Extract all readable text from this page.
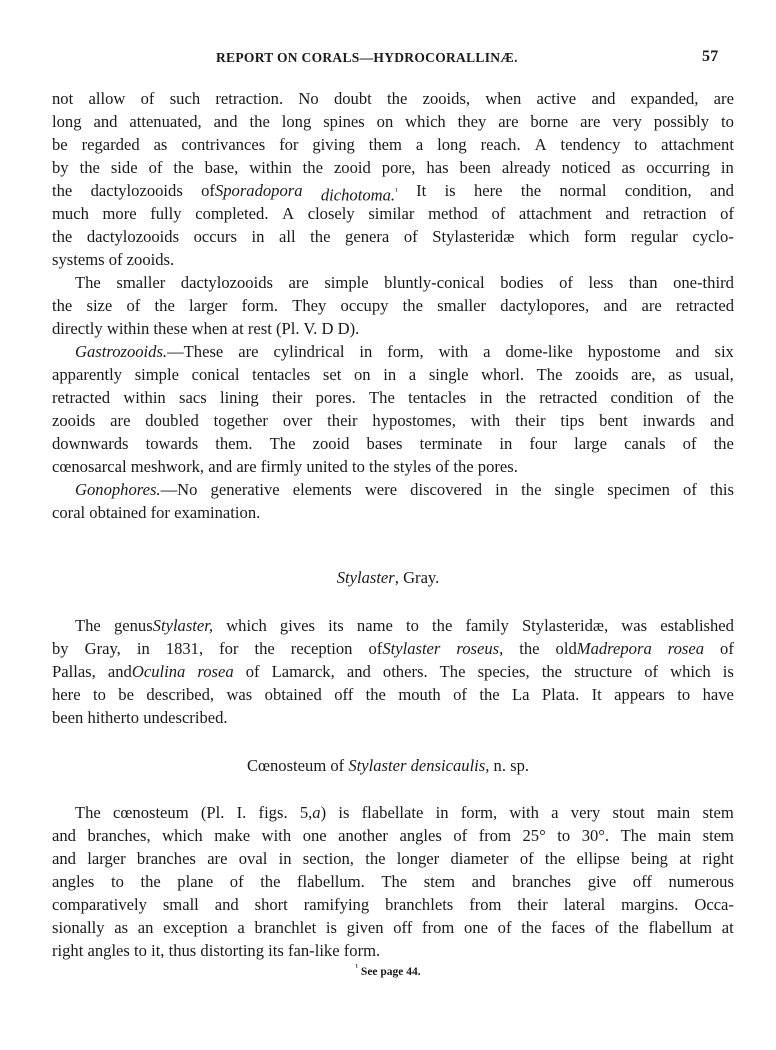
REPORT ON CORALS—HYDROCORALLINÆ.	57
not allow of such retraction. No doubt the zooids, when active and expanded, are
long and attenuated, and the long spines on which they are borne are very possibly to
be regarded as contrivances for giving them a long reach. A tendency to attachment
by the side of the base, within the zooid pore, has been already noticed as occurring in
the dactylozooids ofSporadopora dichotoma.$^{^1}$ It is here the normal condition, and
much more fully completed. A closely similar method of attachment and retraction of
the dactylozooids occurs in all the genera of Stylasteridæ which form regular cyclo-
systems of zooids.
The smaller dactylozooids are simple bluntly-conical bodies of less than one-third
the size of the larger form. They occupy the smaller dactylopores, and are retracted
directly within these when at rest (Pl. V. D D).
Gastrozooids.—These are cylindrical in form, with a dome-like hypostome and six
apparently simple conical tentacles set on in a single whorl. The zooids are, as usual,
retracted within sacs lining their pores. The tentacles in the retracted condition of the
zooids are doubled together over their hypostomes, with their tips bent inwards and
downwards towards them. The zooid bases terminate in four large canals of the
cœnosarcal meshwork, and are firmly united to the styles of the pores.
Gonophores.—No generative elements were discovered in the single specimen of this
coral obtained for examination.
The genusStylaster, which gives its name to the family Stylasteridæ, was established
by Gray, in 1831, for the reception ofStylaster roseus, the oldMadrepora rosea of
Pallas, andOculina rosea of Lamarck, and others. The species, the structure of which is
here to be described, was obtained off the mouth of the La Plata. It appears to have
been hitherto undescribed.
The cœnosteum (Pl. I. figs. 5,a) is flabellate in form, with a very stout main stem
and branches, which make with one another angles of from 25° to 30°. The main stem
and larger branches are oval in section, the longer diameter of the ellipse being at right
angles to the plane of the flabellum. The stem and branches give off numerous
comparatively small and short ramifying branchlets from their lateral margins. Occa-
sionally as an exception a branchlet is given off from one of the faces of the flabellum at
right angles to it, thus distorting its fan-like form.
Stylaster, Gray.
Cœnosteum of Stylaster densicaulis, n. sp.
$^{^1}$ See page 44.
